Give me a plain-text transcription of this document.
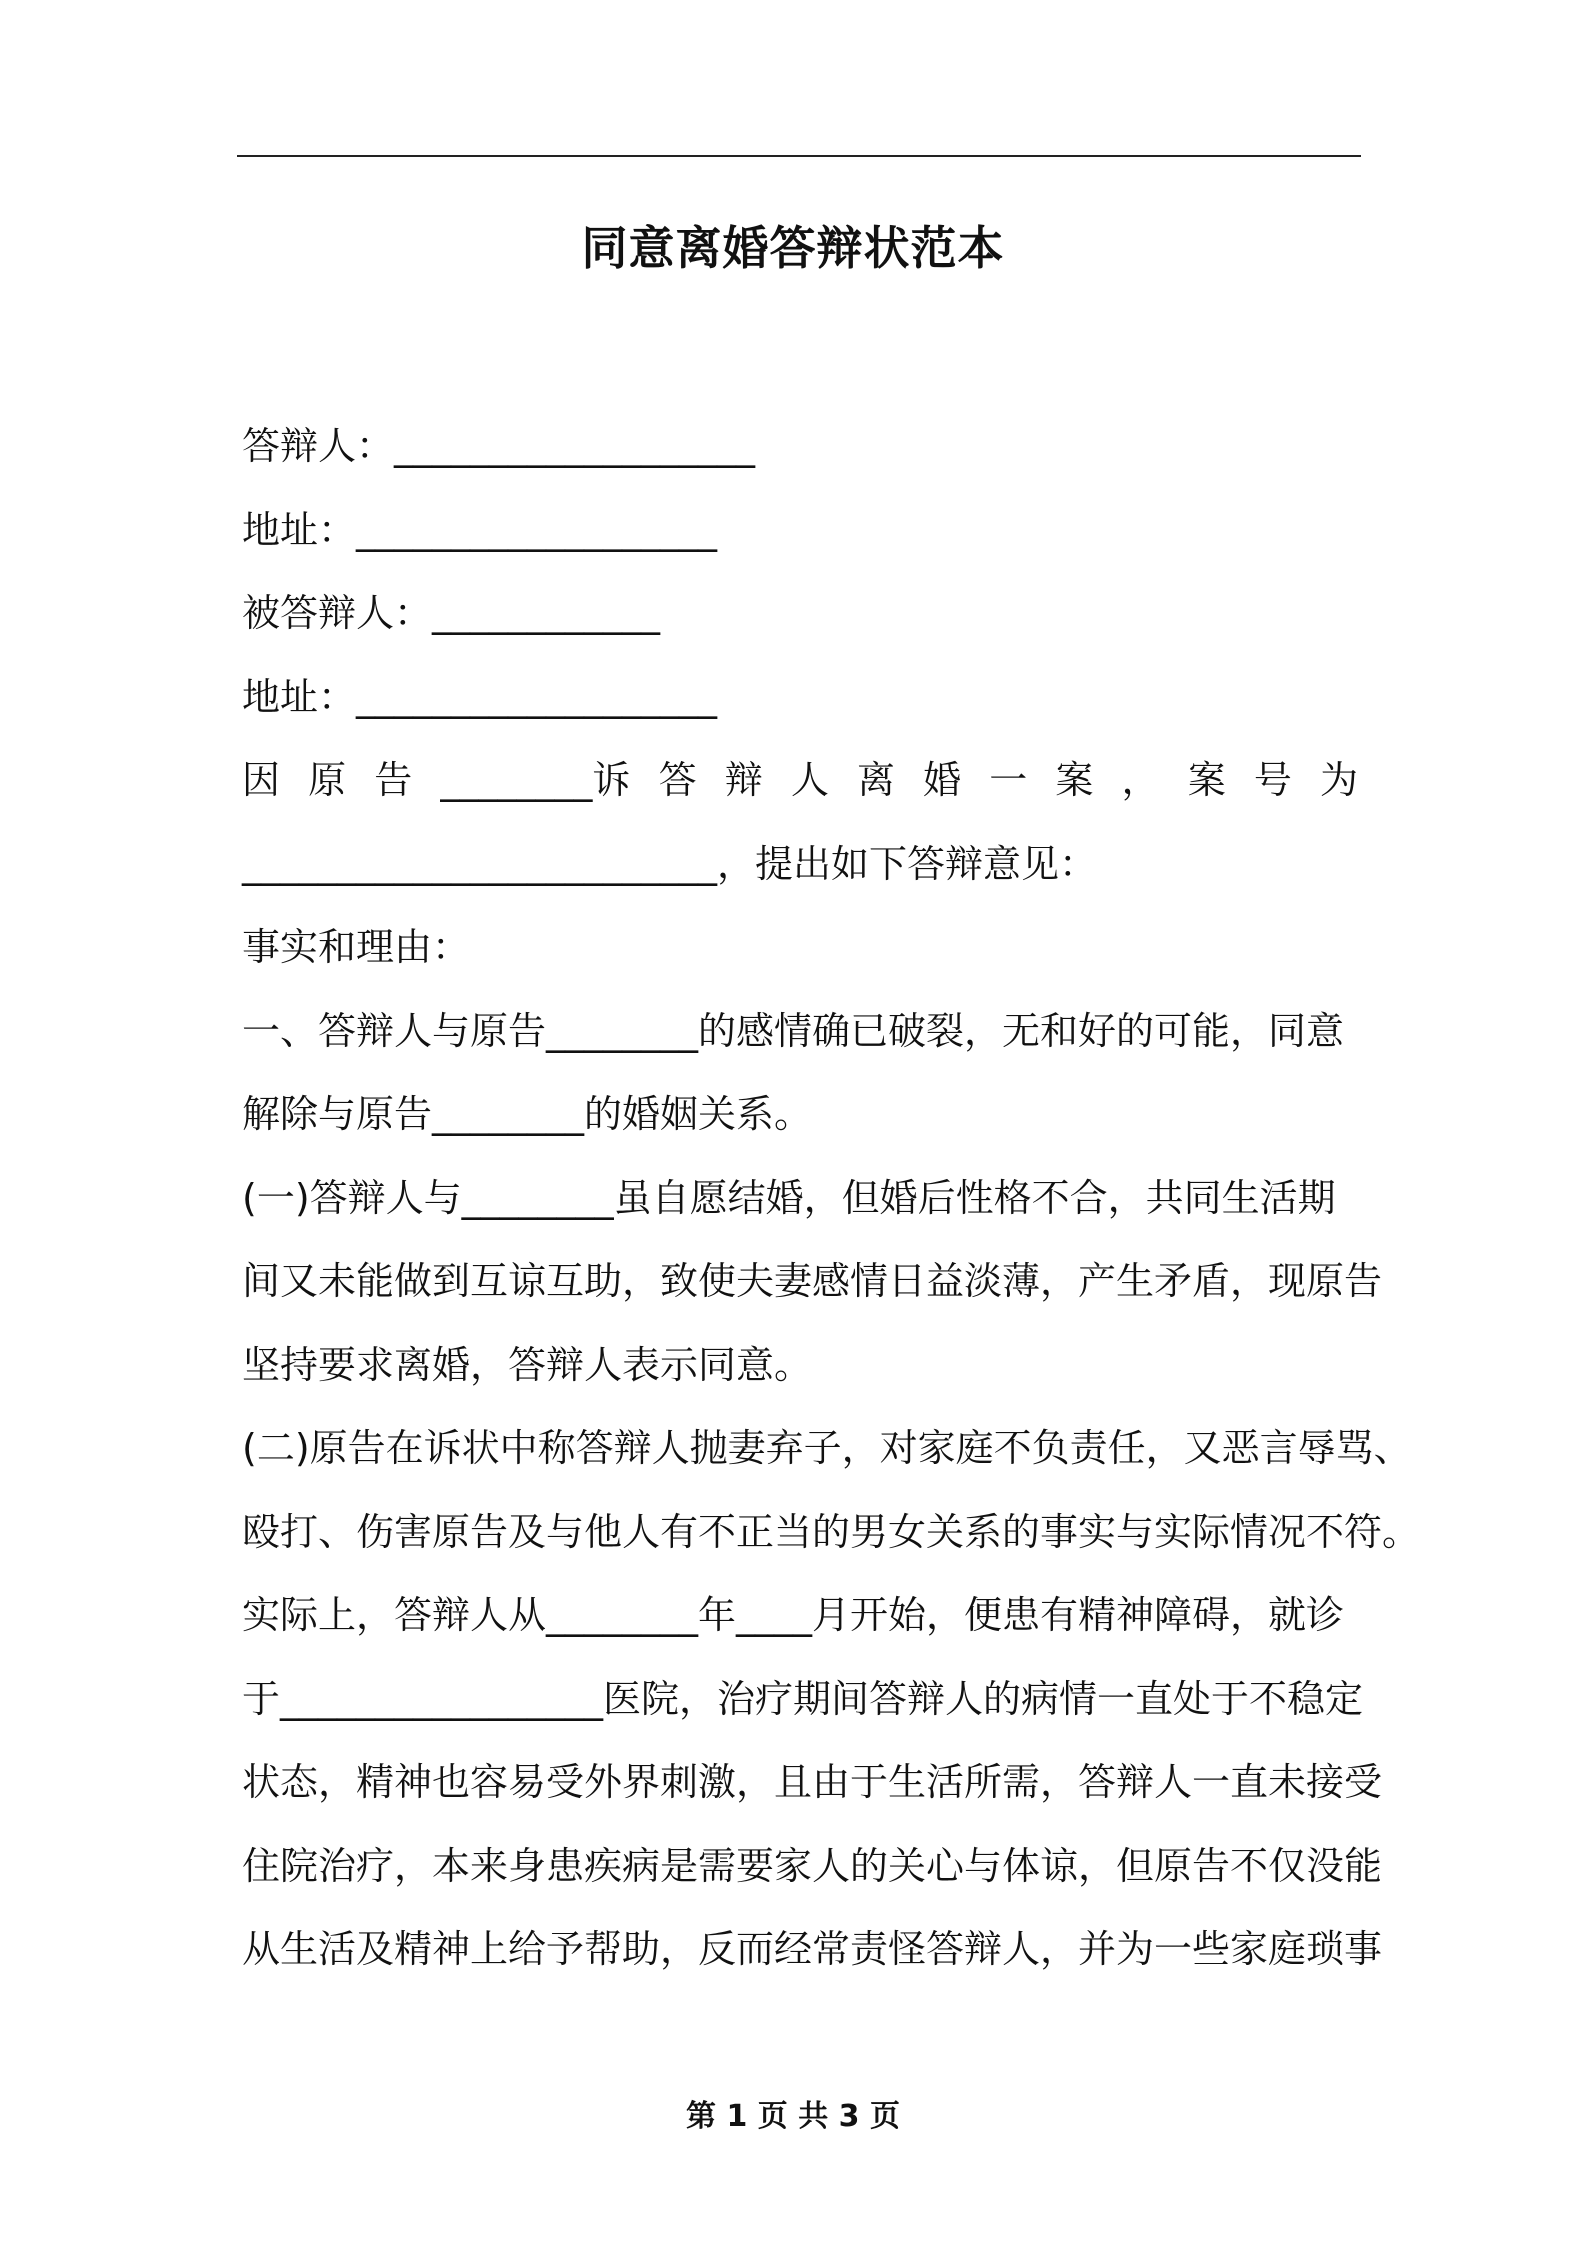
同意离婚答辩状范本
答辩人：___________________
地址：___________________
被答辩人：____________
地址：___________________
因 原 告 ________诉 答 辩 人 离 婚 一 案 ， 案 号 为
_________________________，提出如下答辩意见：
事实和理由：
一、答辩人与原告________的感情确已破裂，无和好的可能，同意
解除与原告________的婚姻关系。
(一)答辩人与________虽自愿结婚，但婚后性格不合，共同生活期
间又未能做到互谅互助，致使夫妻感情日益淡薄，产生矛盾，现原告
坚持要求离婚，答辩人表示同意。
(二)原告在诉状中称答辩人抛妻弃子，对家庭不负责任，又恶言辱骂、
殴打、伤害原告及与他人有不正当的男女关系的事实与实际情况不符。
实际上，答辩人从________年____月开始，便患有精神障碍，就诊
于_________________医院，治疗期间答辩人的病情一直处于不稳定
状态，精神也容易受外界刺激，且由于生活所需，答辩人一直未接受
住院治疗，本来身患疾病是需要家人的关心与体谅，但原告不仅没能
从生活及精神上给予帮助，反而经常责怪答辩人，并为一些家庭琐事
第 1 页 共 3 页
